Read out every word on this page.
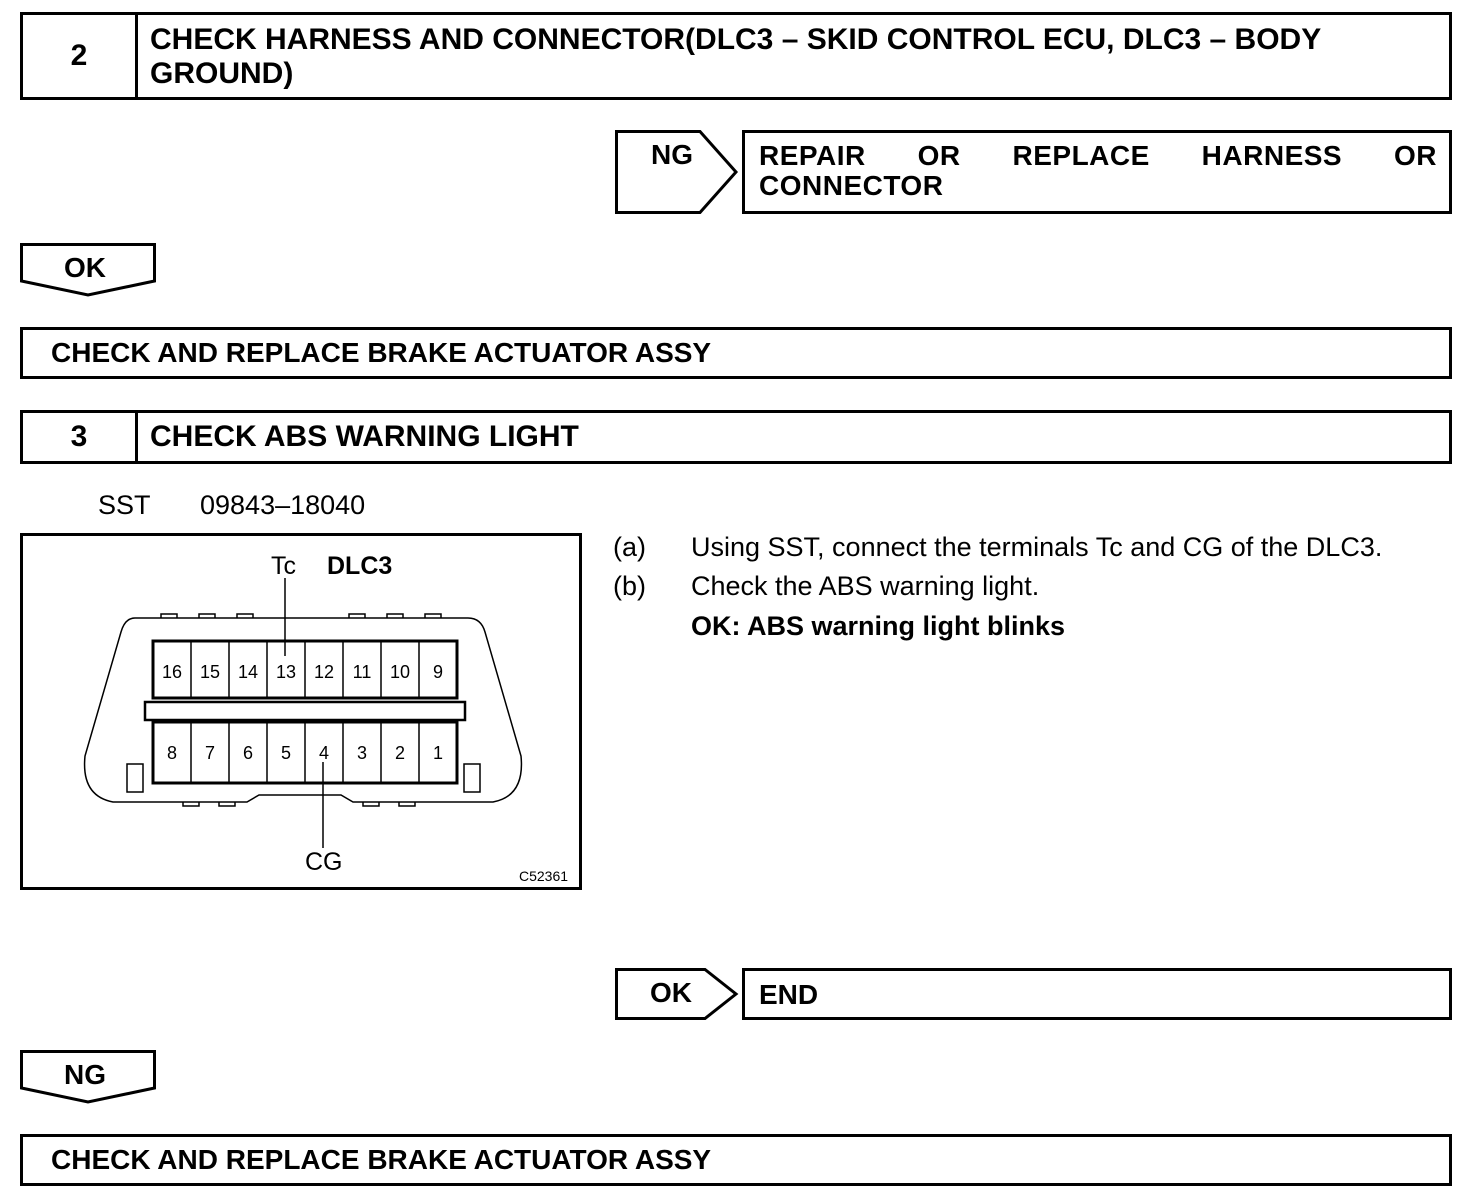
2	CHECK HARNESS AND CONNECTOR(DLC3 – SKID CONTROL ECU, DLC3 – BODY GROUND)
NG	REPAIR OR REPLACE HARNESS OR CONNECTOR
OK
CHECK AND REPLACE BRAKE ACTUATOR ASSY
3	CHECK ABS WARNING LIGHT
SST 09843–18040
16 15 14 13 12 11 10 9
8 7 6 5 4 3 2 1
Tc DLC3
CG	C52361
(a) Using SST, connect the terminals Tc and CG of the DLC3.
(b) Check the ABS warning light.
OK: ABS warning light blinks
OK	END
NG
CHECK AND REPLACE BRAKE ACTUATOR ASSY
